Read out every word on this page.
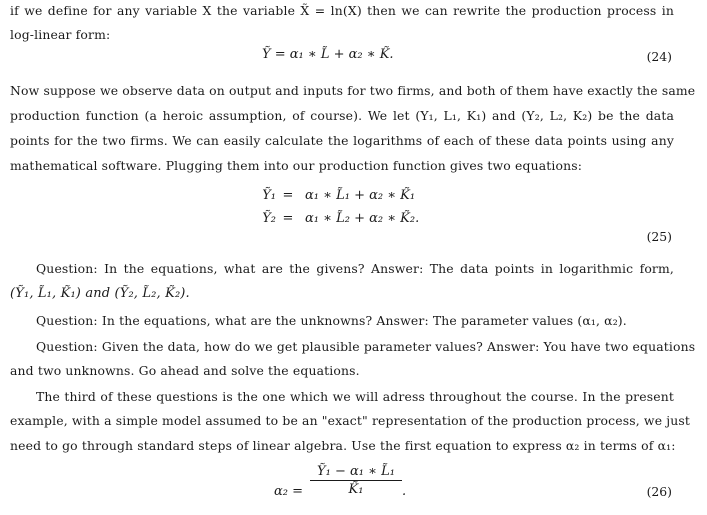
if we define for any variable X the variable X̃ = ln(X) then we can rewrite the production process in
log-linear form:
Ỹ = α₁ ∗ L̃ + α₂ ∗ K̃.	(24)
Now suppose we observe data on output and inputs for two firms, and both of them have exactly the same
production function (a heroic assumption, of course). We let (Y₁, L₁, K₁) and (Y₂, L₂, K₂) be the data
points for the two firms. We can easily calculate the logarithms of each of these data points using any
mathematical software. Plugging them into our production function gives two equations:
Ỹ₁ = α₁ ∗ L̃₁ + α₂ ∗ K̃₁
Ỹ₂ = α₁ ∗ L̃₂ + α₂ ∗ K̃₂.
(25)
Question: In the equations, what are the givens? Answer: The data points in logarithmic form,
(Ỹ₁, L̃₁, K̃₁) and (Ỹ₂, L̃₂, K̃₂).
Question: In the equations, what are the unknowns? Answer: The parameter values (α₁, α₂).
Question: Given the data, how do we get plausible parameter values? Answer: You have two equations
and two unknowns. Go ahead and solve the equations.
The third of these questions is the one which we will adress throughout the course. In the present
example, with a simple model assumed to be an "exact" representation of the production process, we just
need to go through standard steps of linear algebra. Use the first equation to express α₂ in terms of α₁:
α₂ =
Ỹ₁ − α₁ ∗ L̃₁
K̃₁	.	(26)
